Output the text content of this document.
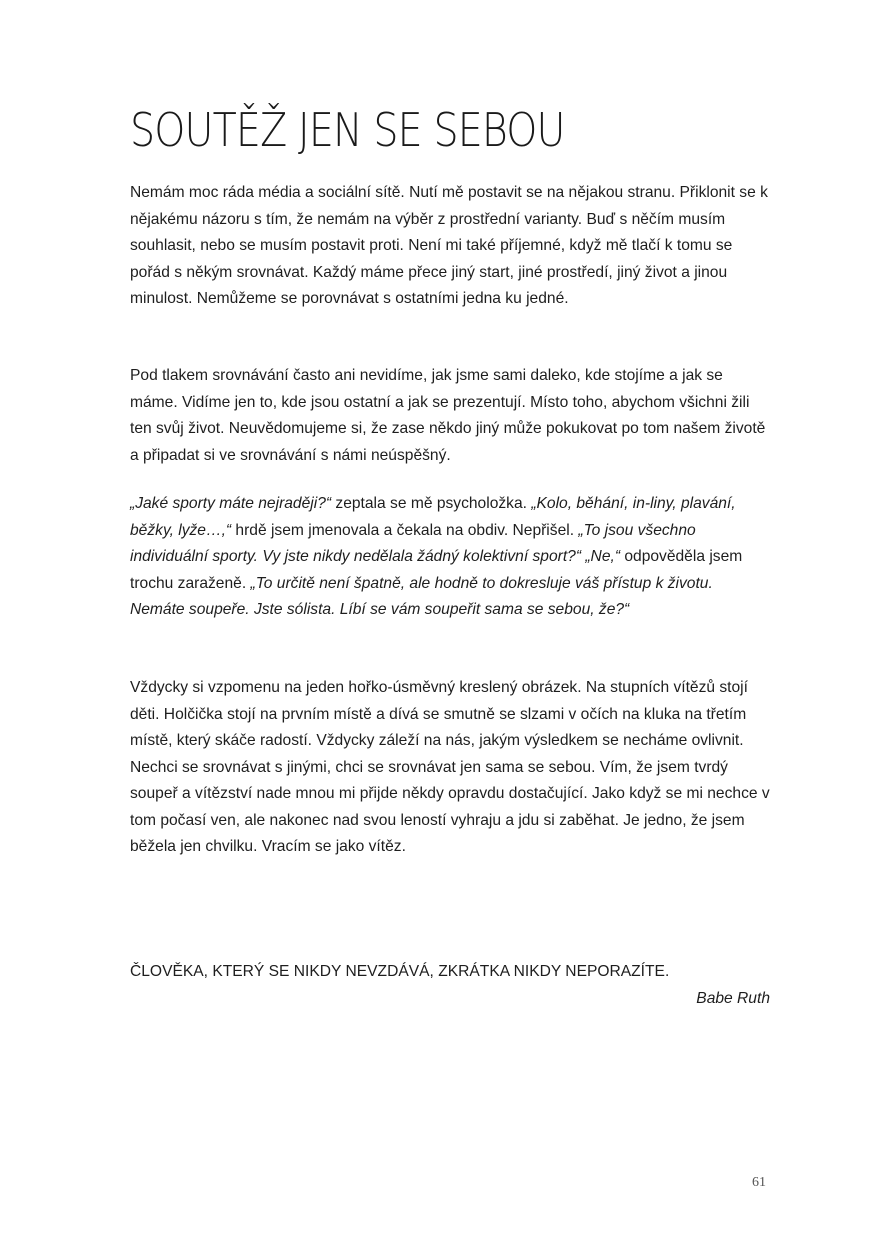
SOUTĚŽ JEN SE SEBOU

Nemám moc ráda média a sociální sítě. Nutí mě postavit se na nějakou stranu. Přiklonit se k nějakému názoru s tím, že nemám na výběr z prostřední varianty. Buď s něčím musím souhlasit, nebo se musím postavit proti. Není mi také příjemné, když mě tlačí k tomu se pořád s někým srovnávat. Každý máme přece jiný start, jiné prostředí, jiný život a jinou minulost. Nemůžeme se porovnávat s ostatními jedna ku jedné.

Pod tlakem srovnávání často ani nevidíme, jak jsme sami daleko, kde stojíme a jak se máme. Vidíme jen to, kde jsou ostatní a jak se prezentují. Místo toho, abychom všichni žili ten svůj život. Neuvědomujeme si, že zase někdo jiný může pokukovat po tom našem životě a připadat si ve srovnávání s námi neúspěšný.

„Jaké sporty máte nejraději?“ zeptala se mě psycholožka. „Kolo, běhání, in-liny, plavání, běžky, lyže…,“ hrdě jsem jmenovala a čekala na obdiv. Nepřišel. „To jsou všechno individuální sporty. Vy jste nikdy nedělala žádný kolektivní sport?“ „Ne,“ odpověděla jsem trochu zaraženě. „To určitě není špatně, ale hodně to dokresluje váš přístup k životu. Nemáte soupeře. Jste sólista. Líbí se vám soupeřit sama se sebou, že?“

Vždycky si vzpomenu na jeden hořko-úsměvný kreslený obrázek. Na stupních vítězů stojí děti. Holčička stojí na prvním místě a dívá se smutně se slzami v očích na kluka na třetím místě, který skáče radostí. Vždycky záleží na nás, jakým výsledkem se necháme ovlivnit. Nechci se srovnávat s jinými, chci se srovnávat jen sama se sebou. Vím, že jsem tvrdý soupeř a vítězství nade mnou mi přijde někdy opravdu dostačující. Jako když se mi nechce v tom počasí ven, ale nakonec nad svou leností vyhraju a jdu si zaběhat. Je jedno, že jsem běžela jen chvilku. Vracím se jako vítěz.

ČLOVĚKA, KTERÝ SE NIKDY NEVZDÁVÁ, ZKRÁTKA NIKDY NEPORAZÍTE.
Babe Ruth
61
